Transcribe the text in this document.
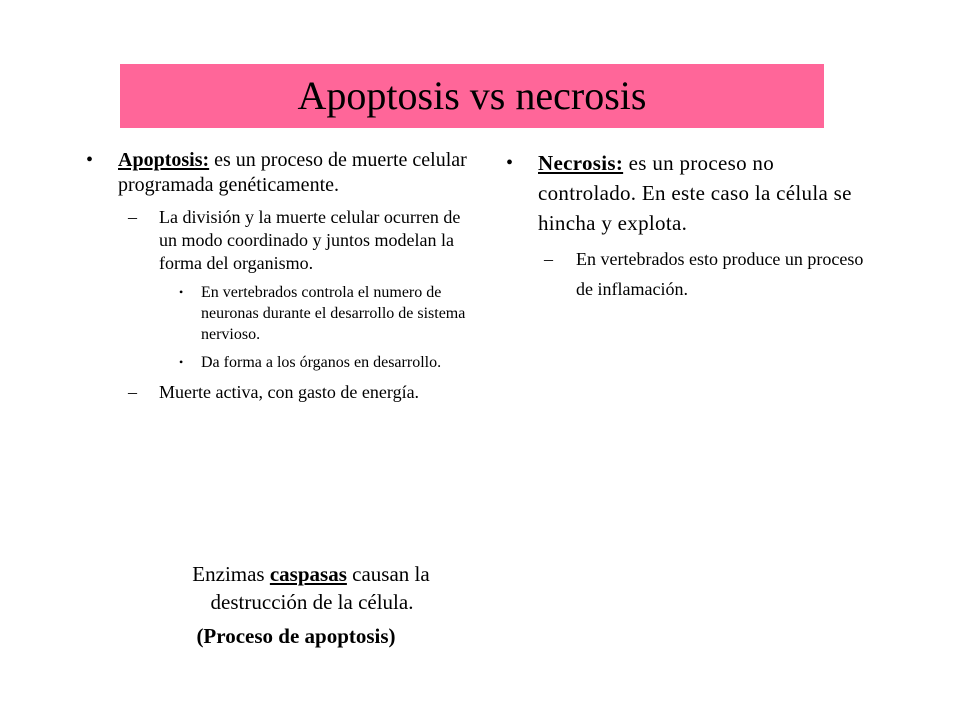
Apoptosis vs necrosis
• Apoptosis: es un proceso de muerte celular programada genéticamente.
– La división y la muerte celular ocurren de un modo coordinado y juntos modelan la forma del organismo.
• En vertebrados controla el numero de neuronas durante el desarrollo de sistema nervioso.
• Da forma a los órganos en desarrollo.
– Muerte activa, con gasto de energía.
Enzimas caspasas causan la
destrucción de la célula.
(Proceso de apoptosis)
• Necrosis: es un proceso no controlado. En este caso la célula se hincha y explota.
– En vertebrados esto produce un proceso de inflamación.
